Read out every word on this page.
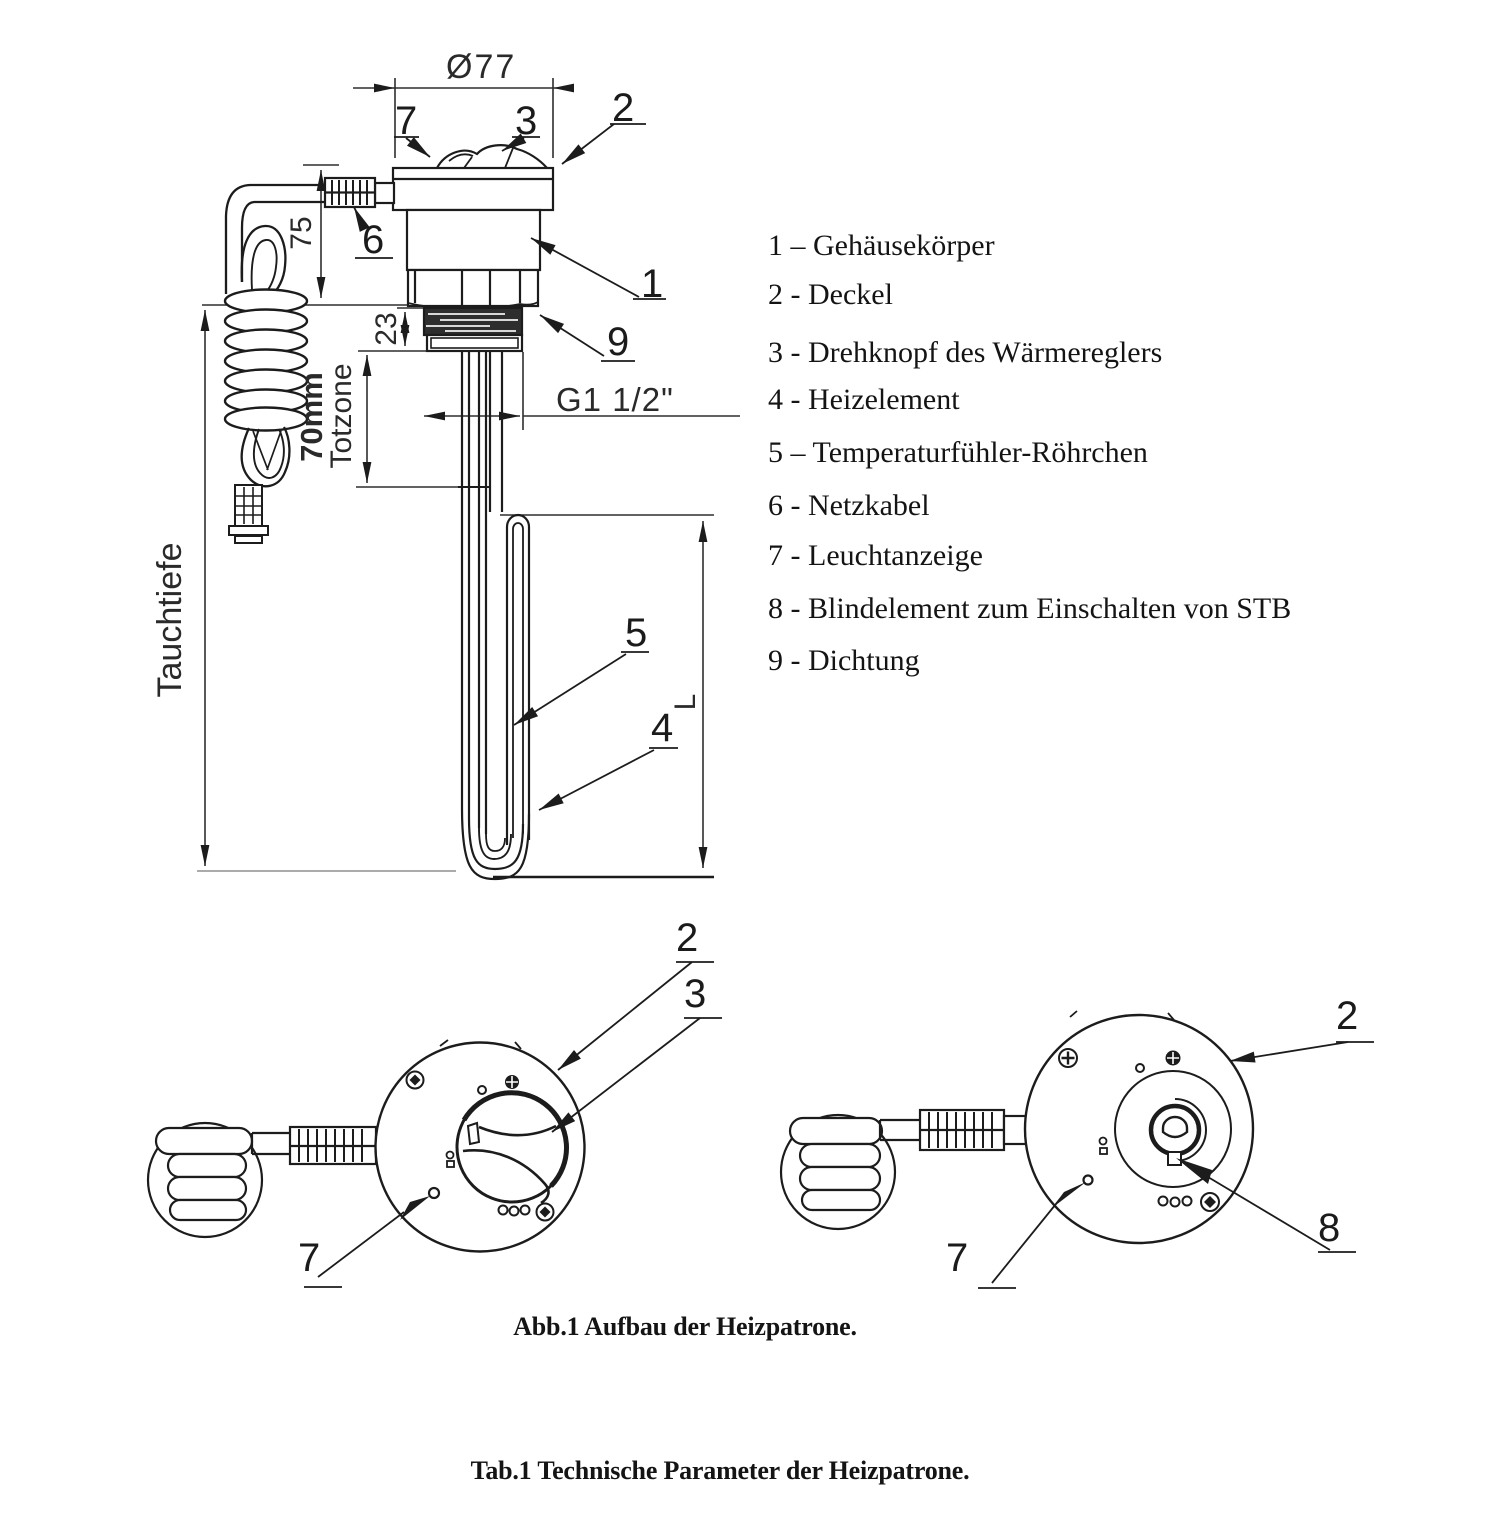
Ø77
75
23
70mm
Totzone
Tauchtiefe
G1 1/2"
L
2
7 3
6
1
9
5
4
2
3
7
2
8
7
1 – Gehäusekörper
2 - Deckel
3 - Drehknopf des Wärmereglers
4 - Heizelement
5 – Temperaturfühler-Röhrchen
6 - Netzkabel
7 - Leuchtanzeige
8 - Blindelement zum Einschalten von STB
9 - Dichtung
Abb.1 Aufbau der Heizpatrone.
Tab.1 Technische Parameter der Heizpatrone.
